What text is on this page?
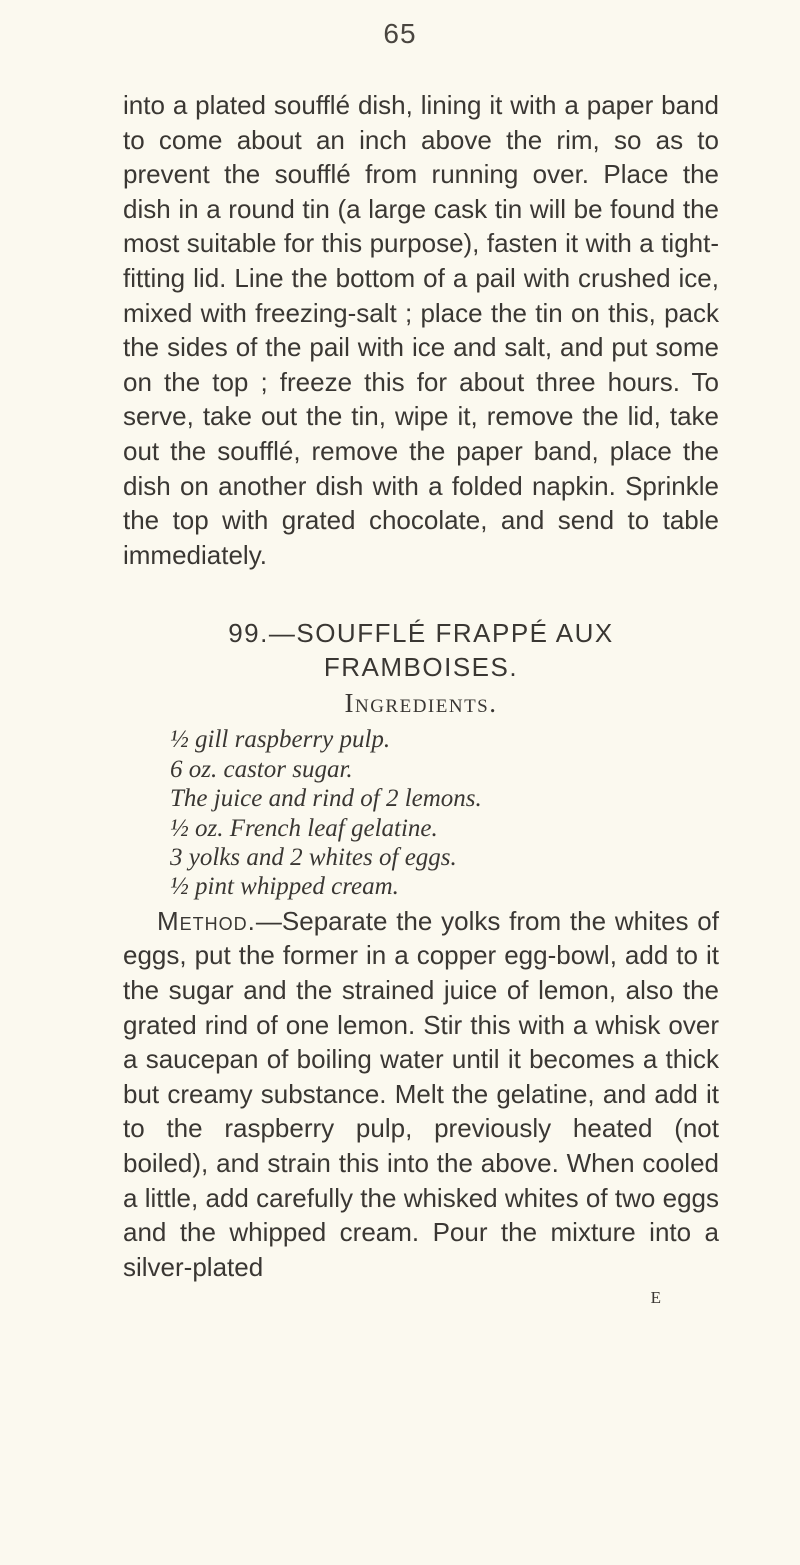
65

into a plated soufflé dish, lining it with a paper band to come about an inch above the rim, so as to prevent the soufflé from running over. Place the dish in a round tin (a large cask tin will be found the most suitable for this purpose), fasten it with a tight-fitting lid. Line the bottom of a pail with crushed ice, mixed with freezing-salt ; place the tin on this, pack the sides of the pail with ice and salt, and put some on the top ; freeze this for about three hours. To serve, take out the tin, wipe it, remove the lid, take out the soufflé, remove the paper band, place the dish on another dish with a folded napkin. Sprinkle the top with grated chocolate, and send to table immediately.

99.—SOUFFLÉ FRAPPÉ AUX
FRAMBOISES.
Ingredients.
½ gill raspberry pulp.
6 oz. castor sugar.
The juice and rind of 2 lemons.
½ oz. French leaf gelatine.
3 yolks and 2 whites of eggs.
½ pint whipped cream.

Method.—Separate the yolks from the whites of eggs, put the former in a copper egg-bowl, add to it the sugar and the strained juice of lemon, also the grated rind of one lemon. Stir this with a whisk over a saucepan of boiling water until it becomes a thick but creamy substance. Melt the gelatine, and add it to the raspberry pulp, previously heated (not boiled), and strain this into the above. When cooled a little, add carefully the whisked whites of two eggs and the whipped cream. Pour the mixture into a silver-plated

E
